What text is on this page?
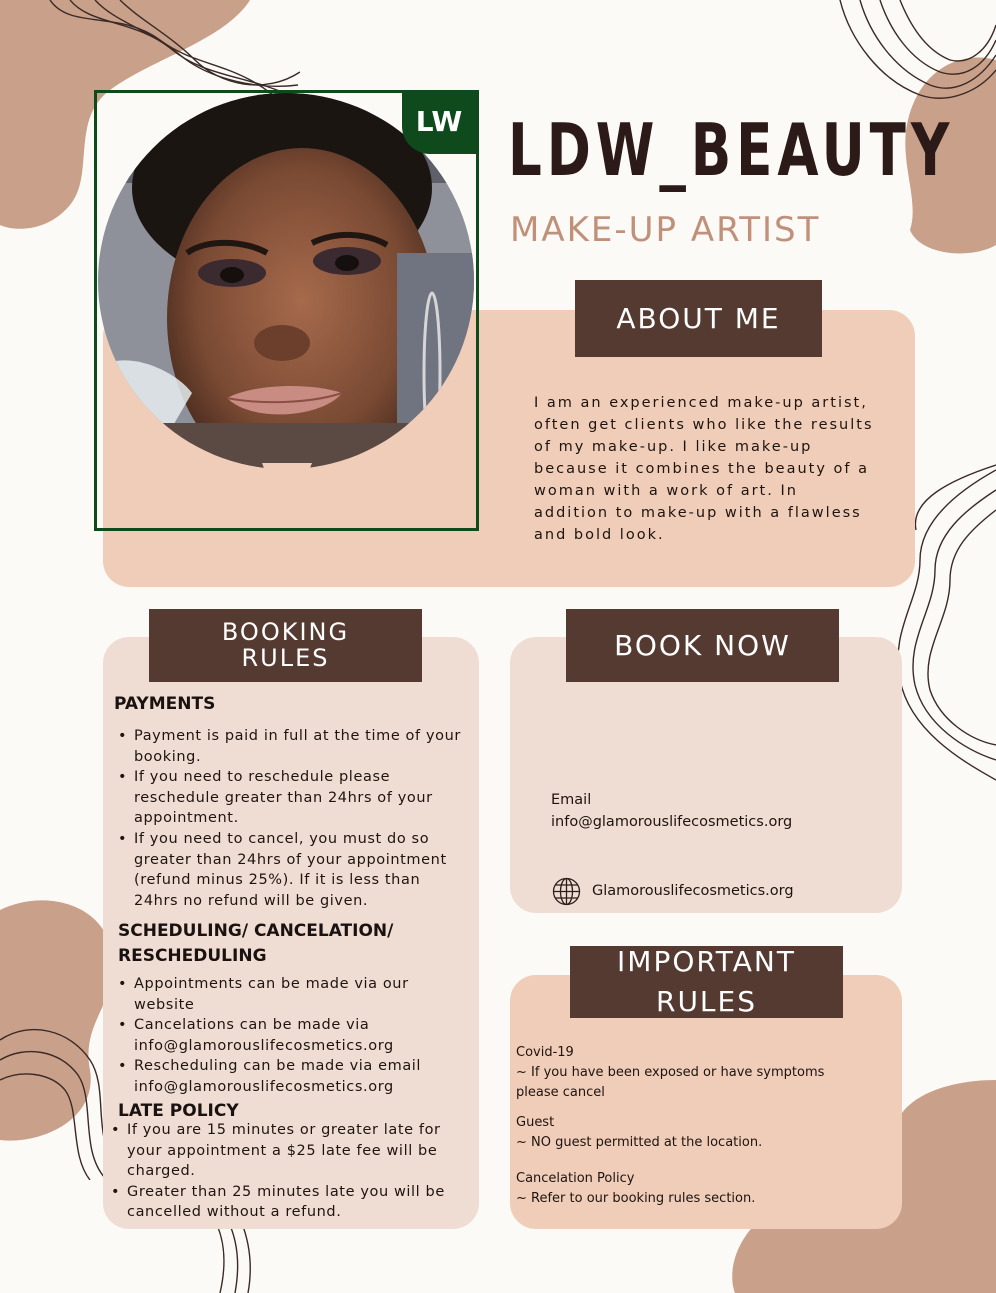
ABOUT ME
I am an experienced make-up artist, often get clients who like the results of my make-up. I like make-up because it combines the beauty of a woman with a work of art. In addition to make-up with a flawless and bold look.
LW LDW_BEAUTY
MAKE-UP ARTIST
BOOKING
RULES
PAYMENTS
• Payment is paid in full at the time of your booking.
• If you need to reschedule please reschedule greater than 24hrs of your appointment.
• If you need to cancel, you must do so greater than 24hrs of your appointment (refund minus 25%). If it is less than 24hrs no refund will be given.
SCHEDULING/ CANCELATION/
RESCHEDULING
• Appointments can be made via our website
• Cancelations can be made via info@glamorouslifecosmetics.org
• Rescheduling can be made via email info@glamorouslifecosmetics.org
LATE POLICY
• If you are 15 minutes or greater late for your appointment a $25 late fee will be charged.
• Greater than 25 minutes late you will be cancelled without a refund.
BOOK NOW
Email
info@glamorouslifecosmetics.org
Glamorouslifecosmetics.org
IMPORTANT
RULES
Covid-19
~ If you have been exposed or have symptoms please cancel
Guest
~ NO guest permitted at the location.
Cancelation Policy
~ Refer to our booking rules section.
